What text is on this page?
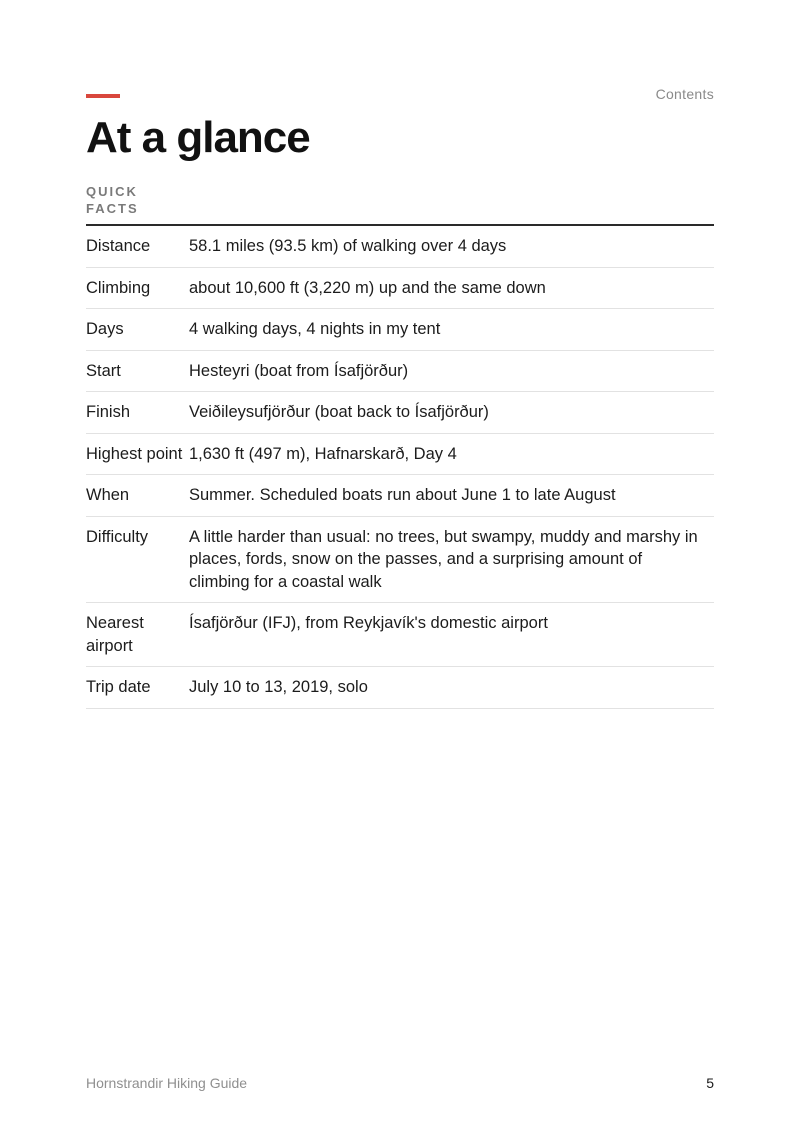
Contents
At a glance
QUICK FACTS
Distance	58.1 miles (93.5 km) of walking over 4 days
Climbing	about 10,600 ft (3,220 m) up and the same down
Days	4 walking days, 4 nights in my tent
Start	Hesteyri (boat from Ísafjörður)
Finish	Veiðileysufjörður (boat back to Ísafjörður)
Highest point	1,630 ft (497 m), Hafnarskarð, Day 4
When	Summer. Scheduled boats run about June 1 to late August
Difficulty	A little harder than usual: no trees, but swampy, muddy and marshy in places, fords, snow on the passes, and a surprising amount of climbing for a coastal walk
Nearest airport	Ísafjörður (IFJ), from Reykjavík's domestic airport
Trip date	July 10 to 13, 2019, solo
Hornstrandir Hiking Guide	5
